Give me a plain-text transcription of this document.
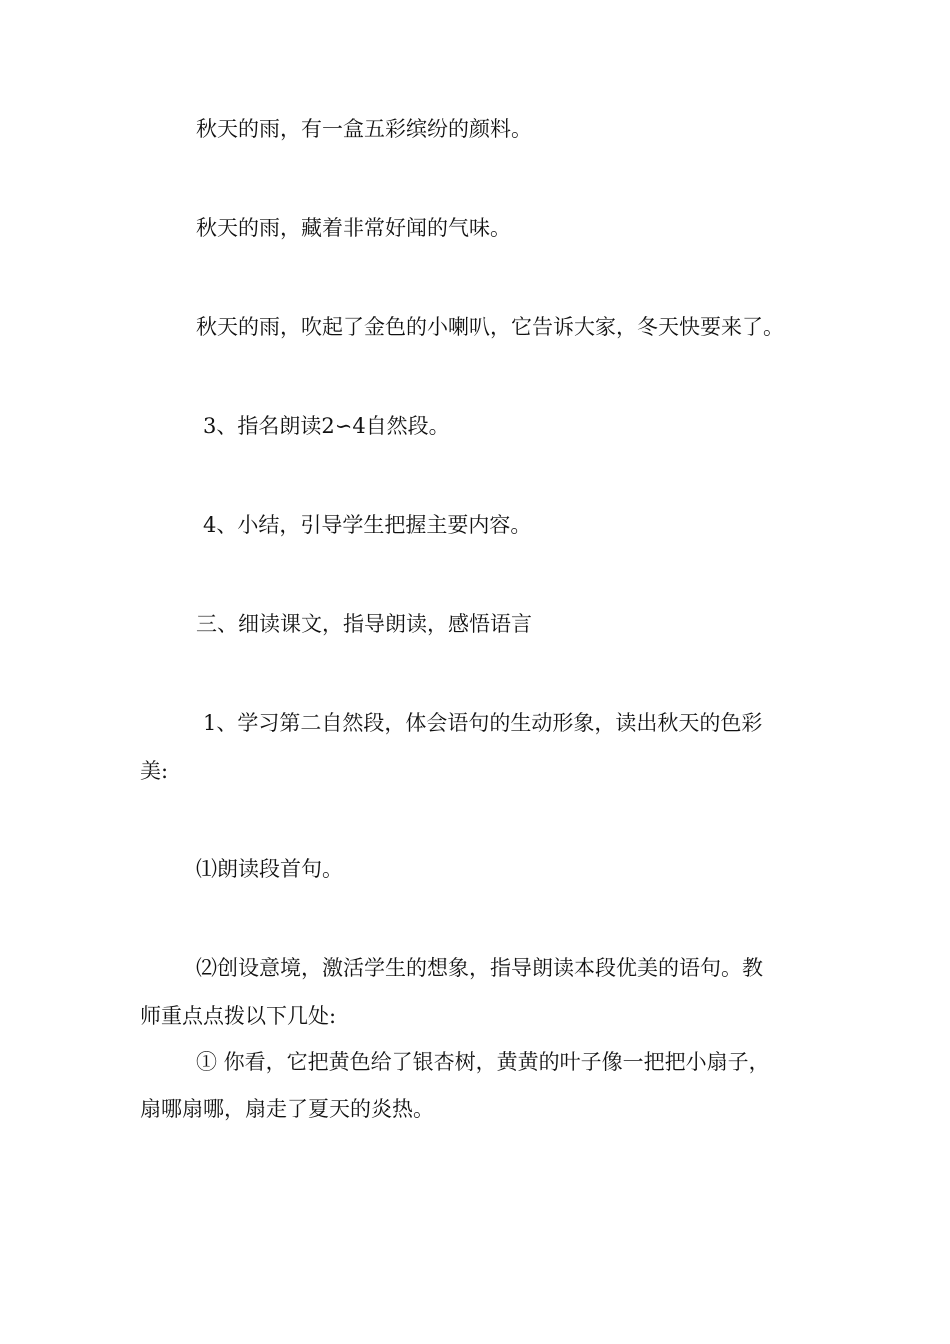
秋天的雨，有一盒五彩缤纷的颜料。

秋天的雨，藏着非常好闻的气味。

秋天的雨，吹起了金色的小喇叭，它告诉大家，冬天快要来了。

3、指名朗读2∽4自然段。

4、小结，引导学生把握主要内容。

三、细读课文，指导朗读，感悟语言

1、学习第二自然段，体会语句的生动形象，读出秋天的色彩

美:

⑴朗读段首句。

⑵创设意境，激活学生的想象，指导朗读本段优美的语句。教

师重点点拨以下几处:

① 你看，它把黄色给了银杏树，黄黄的叶子像一把把小扇子，

扇哪扇哪，扇走了夏天的炎热。
